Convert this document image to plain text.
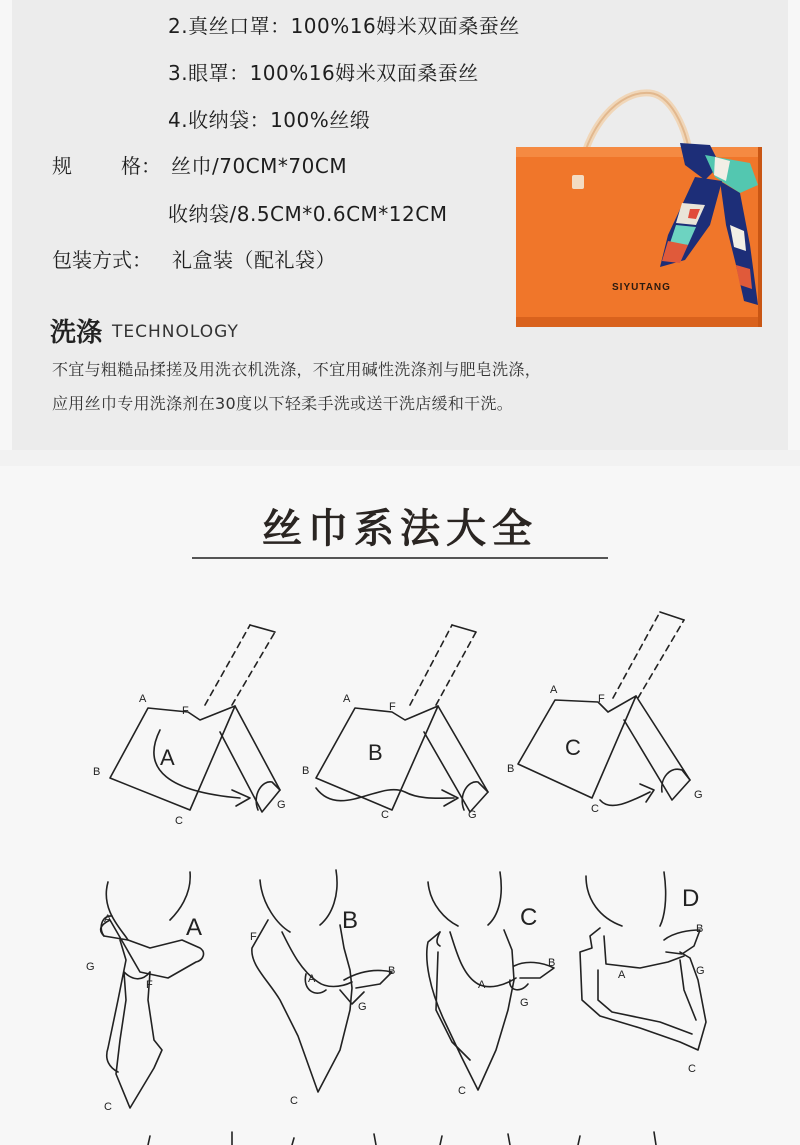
2.真丝口罩：100%16姆米双面桑蚕丝
3.眼罩：100%16姆米双面桑蚕丝
4.收纳袋：100%丝缎
规 格： 丝巾/70CM*70CM
收纳袋/8.5CM*0.6CM*12CM
包装方式： 礼盒装（配礼袋）
SIYUTANG
洗涤 TECHNOLOGY
不宜与粗糙品揉搓及用洗衣机洗涤，不宜用碱性洗涤剂与肥皂洗涤，
应用丝巾专用洗涤剂在30度以下轻柔手洗或送干洗店缓和干洗。
丝巾系法大全
A
A
F
B
C
G
B
A
F
B
C	G
C
A
F
B
C
G
A
A
G
F
C
B
F
A
B
G
C
C
A
B
G
C
D
B
A	G
C
